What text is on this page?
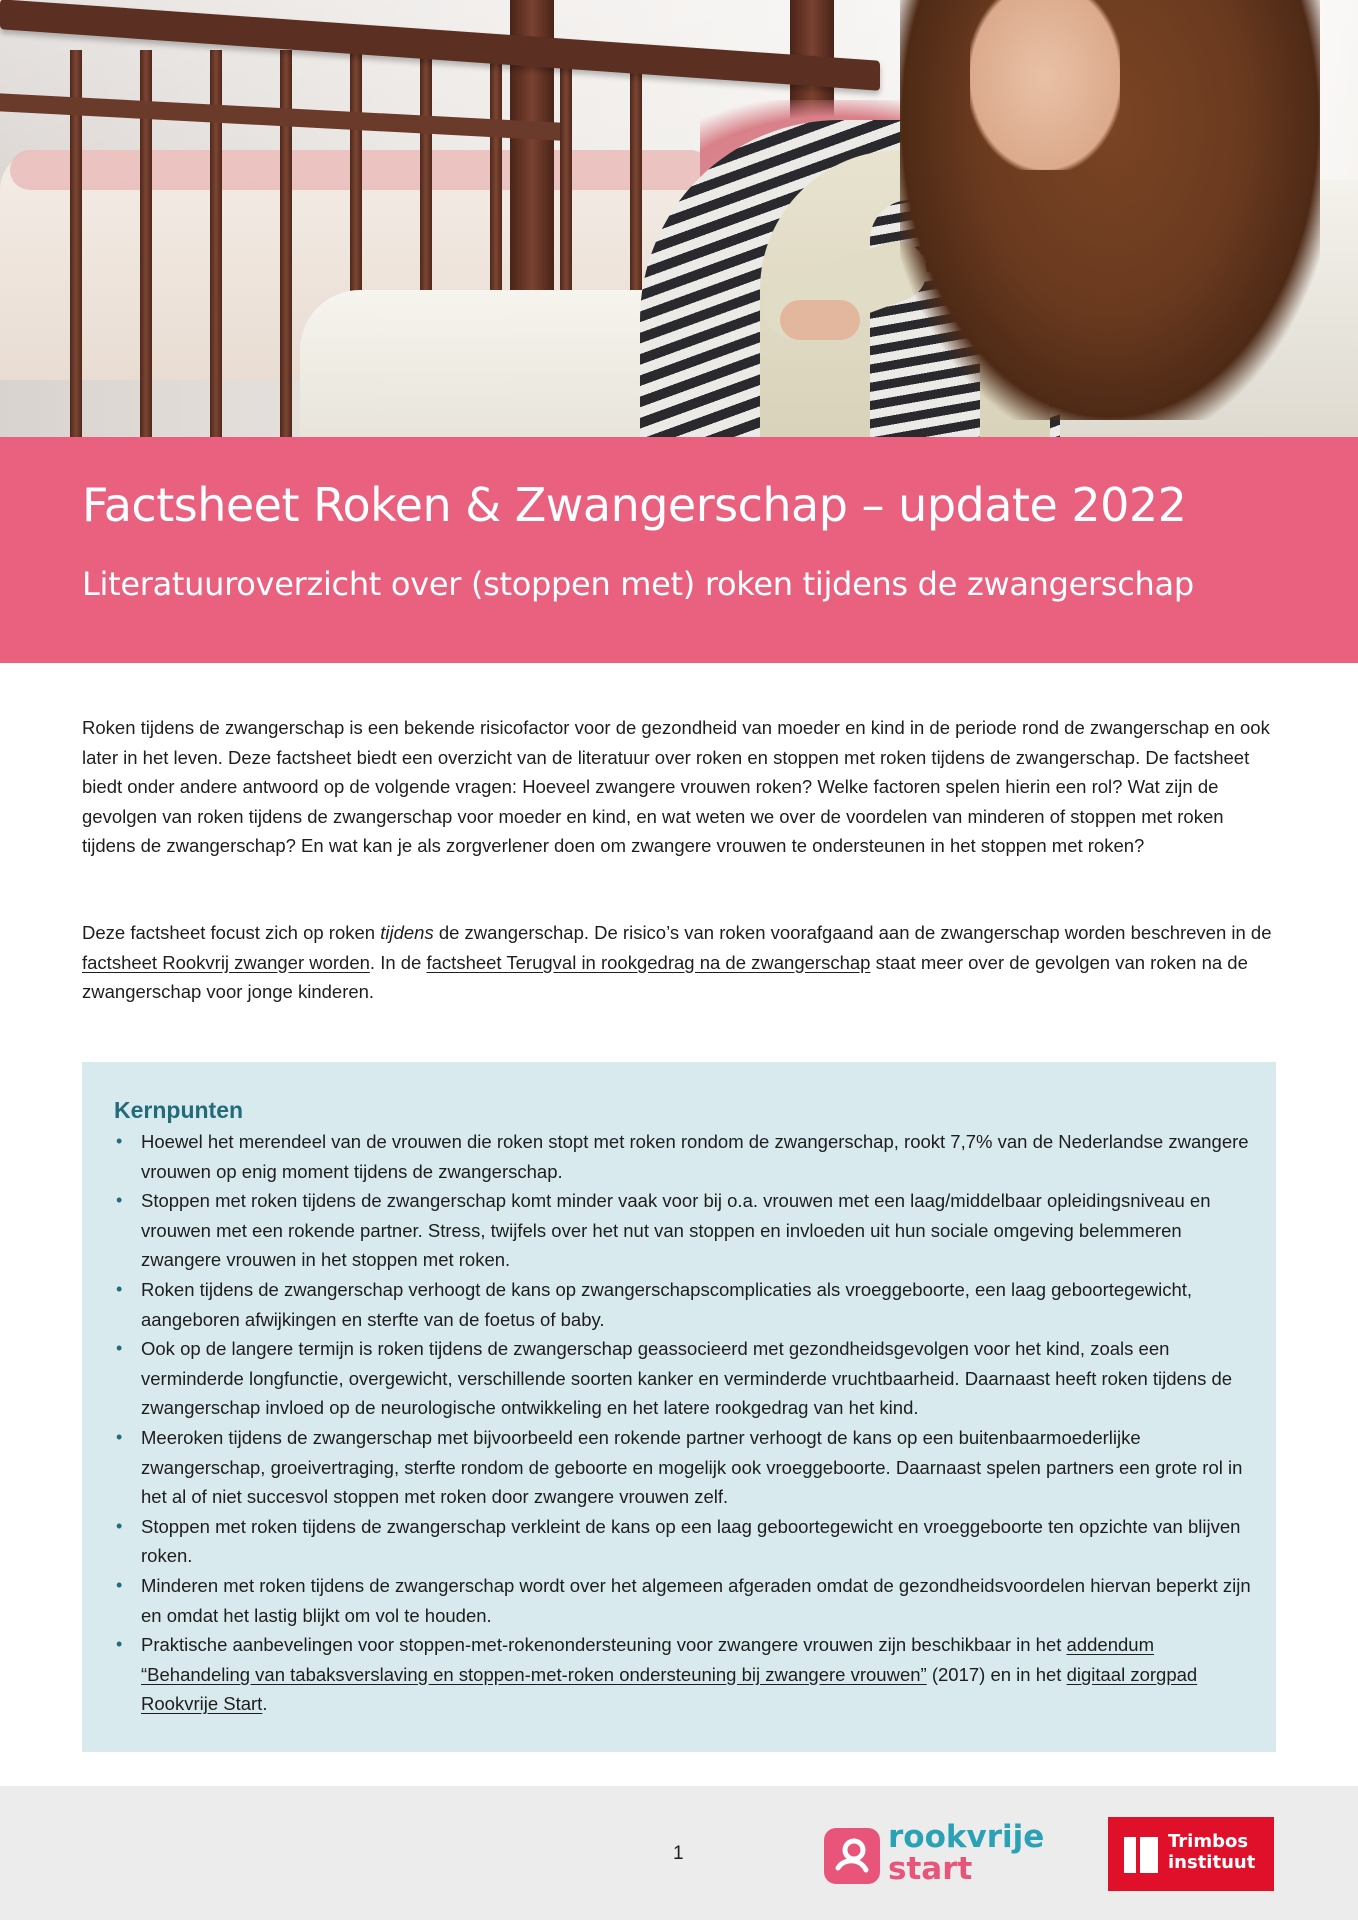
Factsheet Roken & Zwangerschap – update 2022
Literatuuroverzicht over (stoppen met) roken tijdens de zwangerschap

Roken tijdens de zwangerschap is een bekende risicofactor voor de gezondheid van moeder en kind in de periode rond de zwangerschap en ook later in het leven. Deze factsheet biedt een overzicht van de literatuur over roken en stoppen met roken tijdens de zwangerschap. De factsheet biedt onder andere antwoord op de volgende vragen: Hoeveel zwangere vrouwen roken? Welke factoren spelen hierin een rol? Wat zijn de gevolgen van roken tijdens de zwangerschap voor moeder en kind, en wat weten we over de voordelen van minderen of stoppen met roken tijdens de zwangerschap? En wat kan je als zorgverlener doen om zwangere vrouwen te ondersteunen in het stoppen met roken?

Deze factsheet focust zich op roken tijdens de zwangerschap. De risico’s van roken voorafgaand aan de zwangerschap worden beschreven in de factsheet Rookvrij zwanger worden. In de factsheet Terugval in rookgedrag na de zwangerschap staat meer over de gevolgen van roken na de zwangerschap voor jonge kinderen.

Kernpunten
• Hoewel het merendeel van de vrouwen die roken stopt met roken rondom de zwangerschap, rookt 7,7% van de Nederlandse zwangere vrouwen op enig moment tijdens de zwangerschap.
• Stoppen met roken tijdens de zwangerschap komt minder vaak voor bij o.a. vrouwen met een laag/middelbaar opleidingsniveau en vrouwen met een rokende partner. Stress, twijfels over het nut van stoppen en invloeden uit hun sociale omgeving belemmeren zwangere vrouwen in het stoppen met roken.
• Roken tijdens de zwangerschap verhoogt de kans op zwangerschapscomplicaties als vroeggeboorte, een laag geboortegewicht, aangeboren afwijkingen en sterfte van de foetus of baby.
• Ook op de langere termijn is roken tijdens de zwangerschap geassocieerd met gezondheidsgevolgen voor het kind, zoals een verminderde longfunctie, overgewicht, verschillende soorten kanker en verminderde vruchtbaarheid. Daarnaast heeft roken tijdens de zwangerschap invloed op de neurologische ontwikkeling en het latere rookgedrag van het kind.
• Meeroken tijdens de zwangerschap met bijvoorbeeld een rokende partner verhoogt de kans op een buitenbaarmoederlijke zwangerschap, groeivertraging, sterfte rondom de geboorte en mogelijk ook vroeggeboorte. Daarnaast spelen partners een grote rol in het al of niet succesvol stoppen met roken door zwangere vrouwen zelf.
• Stoppen met roken tijdens de zwangerschap verkleint de kans op een laag geboortegewicht en vroeggeboorte ten opzichte van blijven roken.
• Minderen met roken tijdens de zwangerschap wordt over het algemeen afgeraden omdat de gezondheidsvoordelen hiervan beperkt zijn en omdat het lastig blijkt om vol te houden.
• Praktische aanbevelingen voor stoppen-met-rokenondersteuning voor zwangere vrouwen zijn beschikbaar in het addendum “Behandeling van tabaksverslaving en stoppen-met-roken ondersteuning bij zwangere vrouwen” (2017) en in het digitaal zorgpad Rookvrije Start.
1	rookvrije
start
Trimbos
instituut
